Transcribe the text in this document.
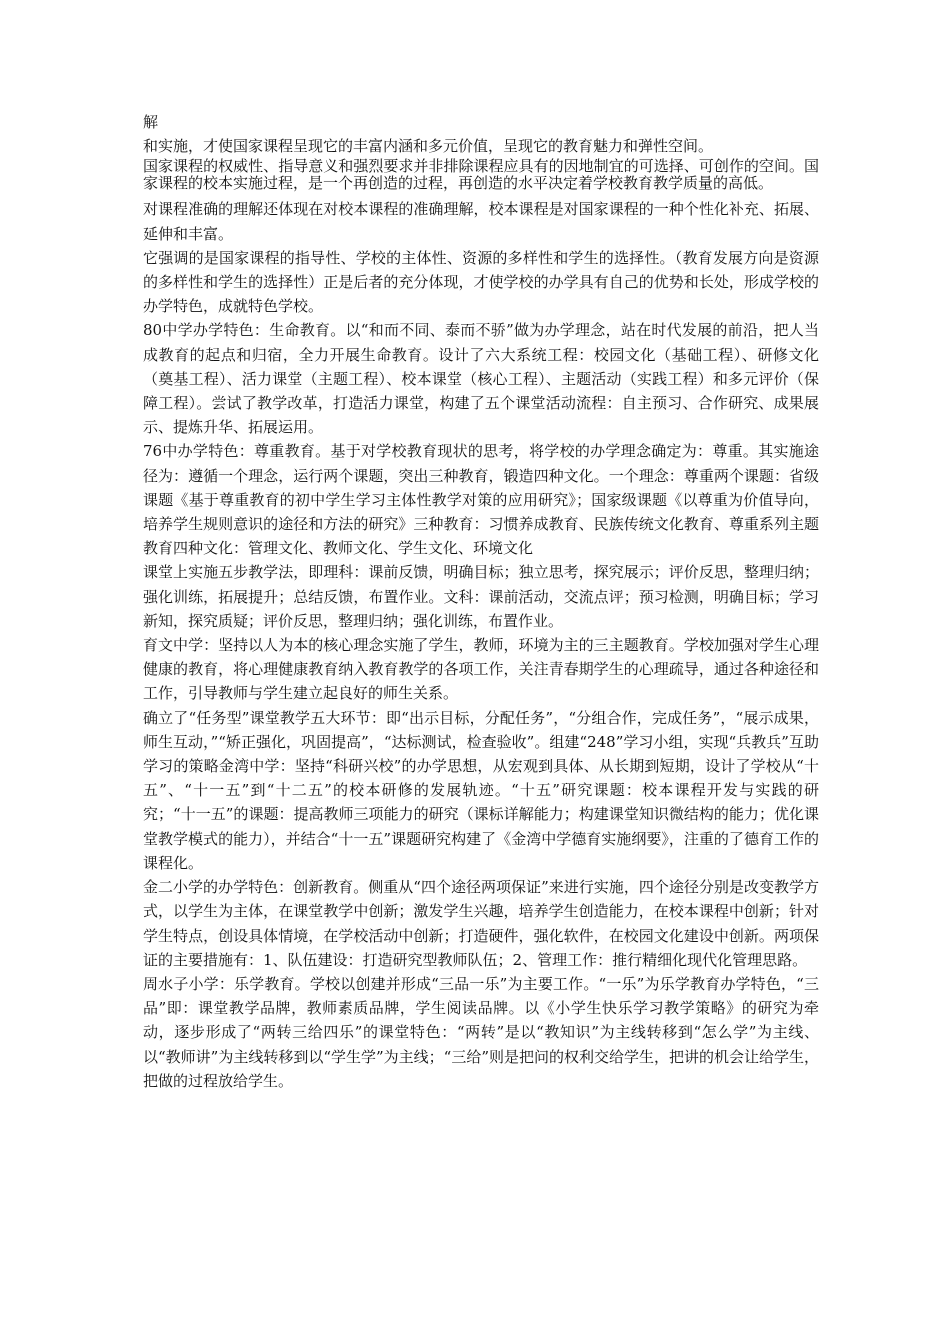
解

和实施，才使国家课程呈现它的丰富内涵和多元价值，呈现它的教育魅力和弹性空间。

国家课程的权威性、指导意义和强烈要求并非排除课程应具有的因地制宜的可选择、可创作的空间。国家课程的校本实施过程，是一个再创造的过程，再创造的水平决定着学校教育教学质量的高低。

对课程准确的理解还体现在对校本课程的准确理解，校本课程是对国家课程的一种个性化补充、拓展、延伸和丰富。

它强调的是国家课程的指导性、学校的主体性、资源的多样性和学生的选择性。（教育发展方向是资源的多样性和学生的选择性）正是后者的充分体现，才使学校的办学具有自己的优势和长处，形成学校的办学特色，成就特色学校。

80中学办学特色：生命教育。以“和而不同、泰而不骄”做为办学理念，站在时代发展的前沿，把人当成教育的起点和归宿，全力开展生命教育。设计了六大系统工程：校园文化（基础工程）、研修文化（奠基工程）、活力课堂（主题工程）、校本课堂（核心工程）、主题活动（实践工程）和多元评价（保障工程）。尝试了教学改革，打造活力课堂，构建了五个课堂活动流程：自主预习、合作研究、成果展示、提炼升华、拓展运用。

76中办学特色：尊重教育。基于对学校教育现状的思考，将学校的办学理念确定为：尊重。其实施途径为：遵循一个理念，运行两个课题，突出三种教育，锻造四种文化。一个理念：尊重两个课题：省级课题《基于尊重教育的初中学生学习主体性教学对策的应用研究》；国家级课题《以尊重为价值导向，培养学生规则意识的途径和方法的研究》三种教育：习惯养成教育、民族传统文化教育、尊重系列主题教育四种文化：管理文化、教师文化、学生文化、环境文化

课堂上实施五步教学法，即理科：课前反馈，明确目标；独立思考，探究展示；评价反思，整理归纳；强化训练，拓展提升；总结反馈，布置作业。文科：课前活动，交流点评；预习检测，明确目标；学习新知，探究质疑；评价反思，整理归纳；强化训练，布置作业。

育文中学：坚持以人为本的核心理念实施了学生，教师，环境为主的三主题教育。学校加强对学生心理健康的教育，将心理健康教育纳入教育教学的各项工作，关注青春期学生的心理疏导，通过各种途径和工作，引导教师与学生建立起良好的师生关系。

确立了“任务型”课堂教学五大环节：即“出示目标，分配任务”，“分组合作，完成任务”，“展示成果，师生互动，”“矫正强化，巩固提高”，“达标测试，检查验收”。组建“248”学习小组，实现“兵教兵”互助学习的策略金湾中学：坚持“科研兴校”的办学思想，从宏观到具体、从长期到短期，设计了学校从“十五”、“十一五”到“十二五”的校本研修的发展轨迹。“十五”研究课题：校本课程开发与实践的研究；“十一五”的课题：提高教师三项能力的研究（课标详解能力；构建课堂知识微结构的能力；优化课堂教学模式的能力），并结合“十一五”课题研究构建了《金湾中学德育实施纲要》，注重的了德育工作的课程化。

金二小学的办学特色：创新教育。侧重从“四个途径两项保证”来进行实施，四个途径分别是改变教学方式，以学生为主体，在课堂教学中创新；激发学生兴趣，培养学生创造能力，在校本课程中创新；针对学生特点，创设具体情境，在学校活动中创新；打造硬件，强化软件，在校园文化建设中创新。两项保证的主要措施有：1、队伍建设：打造研究型教师队伍；2、管理工作：推行精细化现代化管理思路。

周水子小学：乐学教育。学校以创建并形成“三品一乐”为主要工作。“一乐”为乐学教育办学特色，“三品”即：课堂教学品牌，教师素质品牌，学生阅读品牌。以《小学生快乐学习教学策略》的研究为牵动，逐步形成了“两转三给四乐”的课堂特色：“两转”是以“教知识”为主线转移到“怎么学”为主线、以“教师讲”为主线转移到以“学生学”为主线；“三给”则是把问的权利交给学生，把讲的机会让给学生，把做的过程放给学生。
